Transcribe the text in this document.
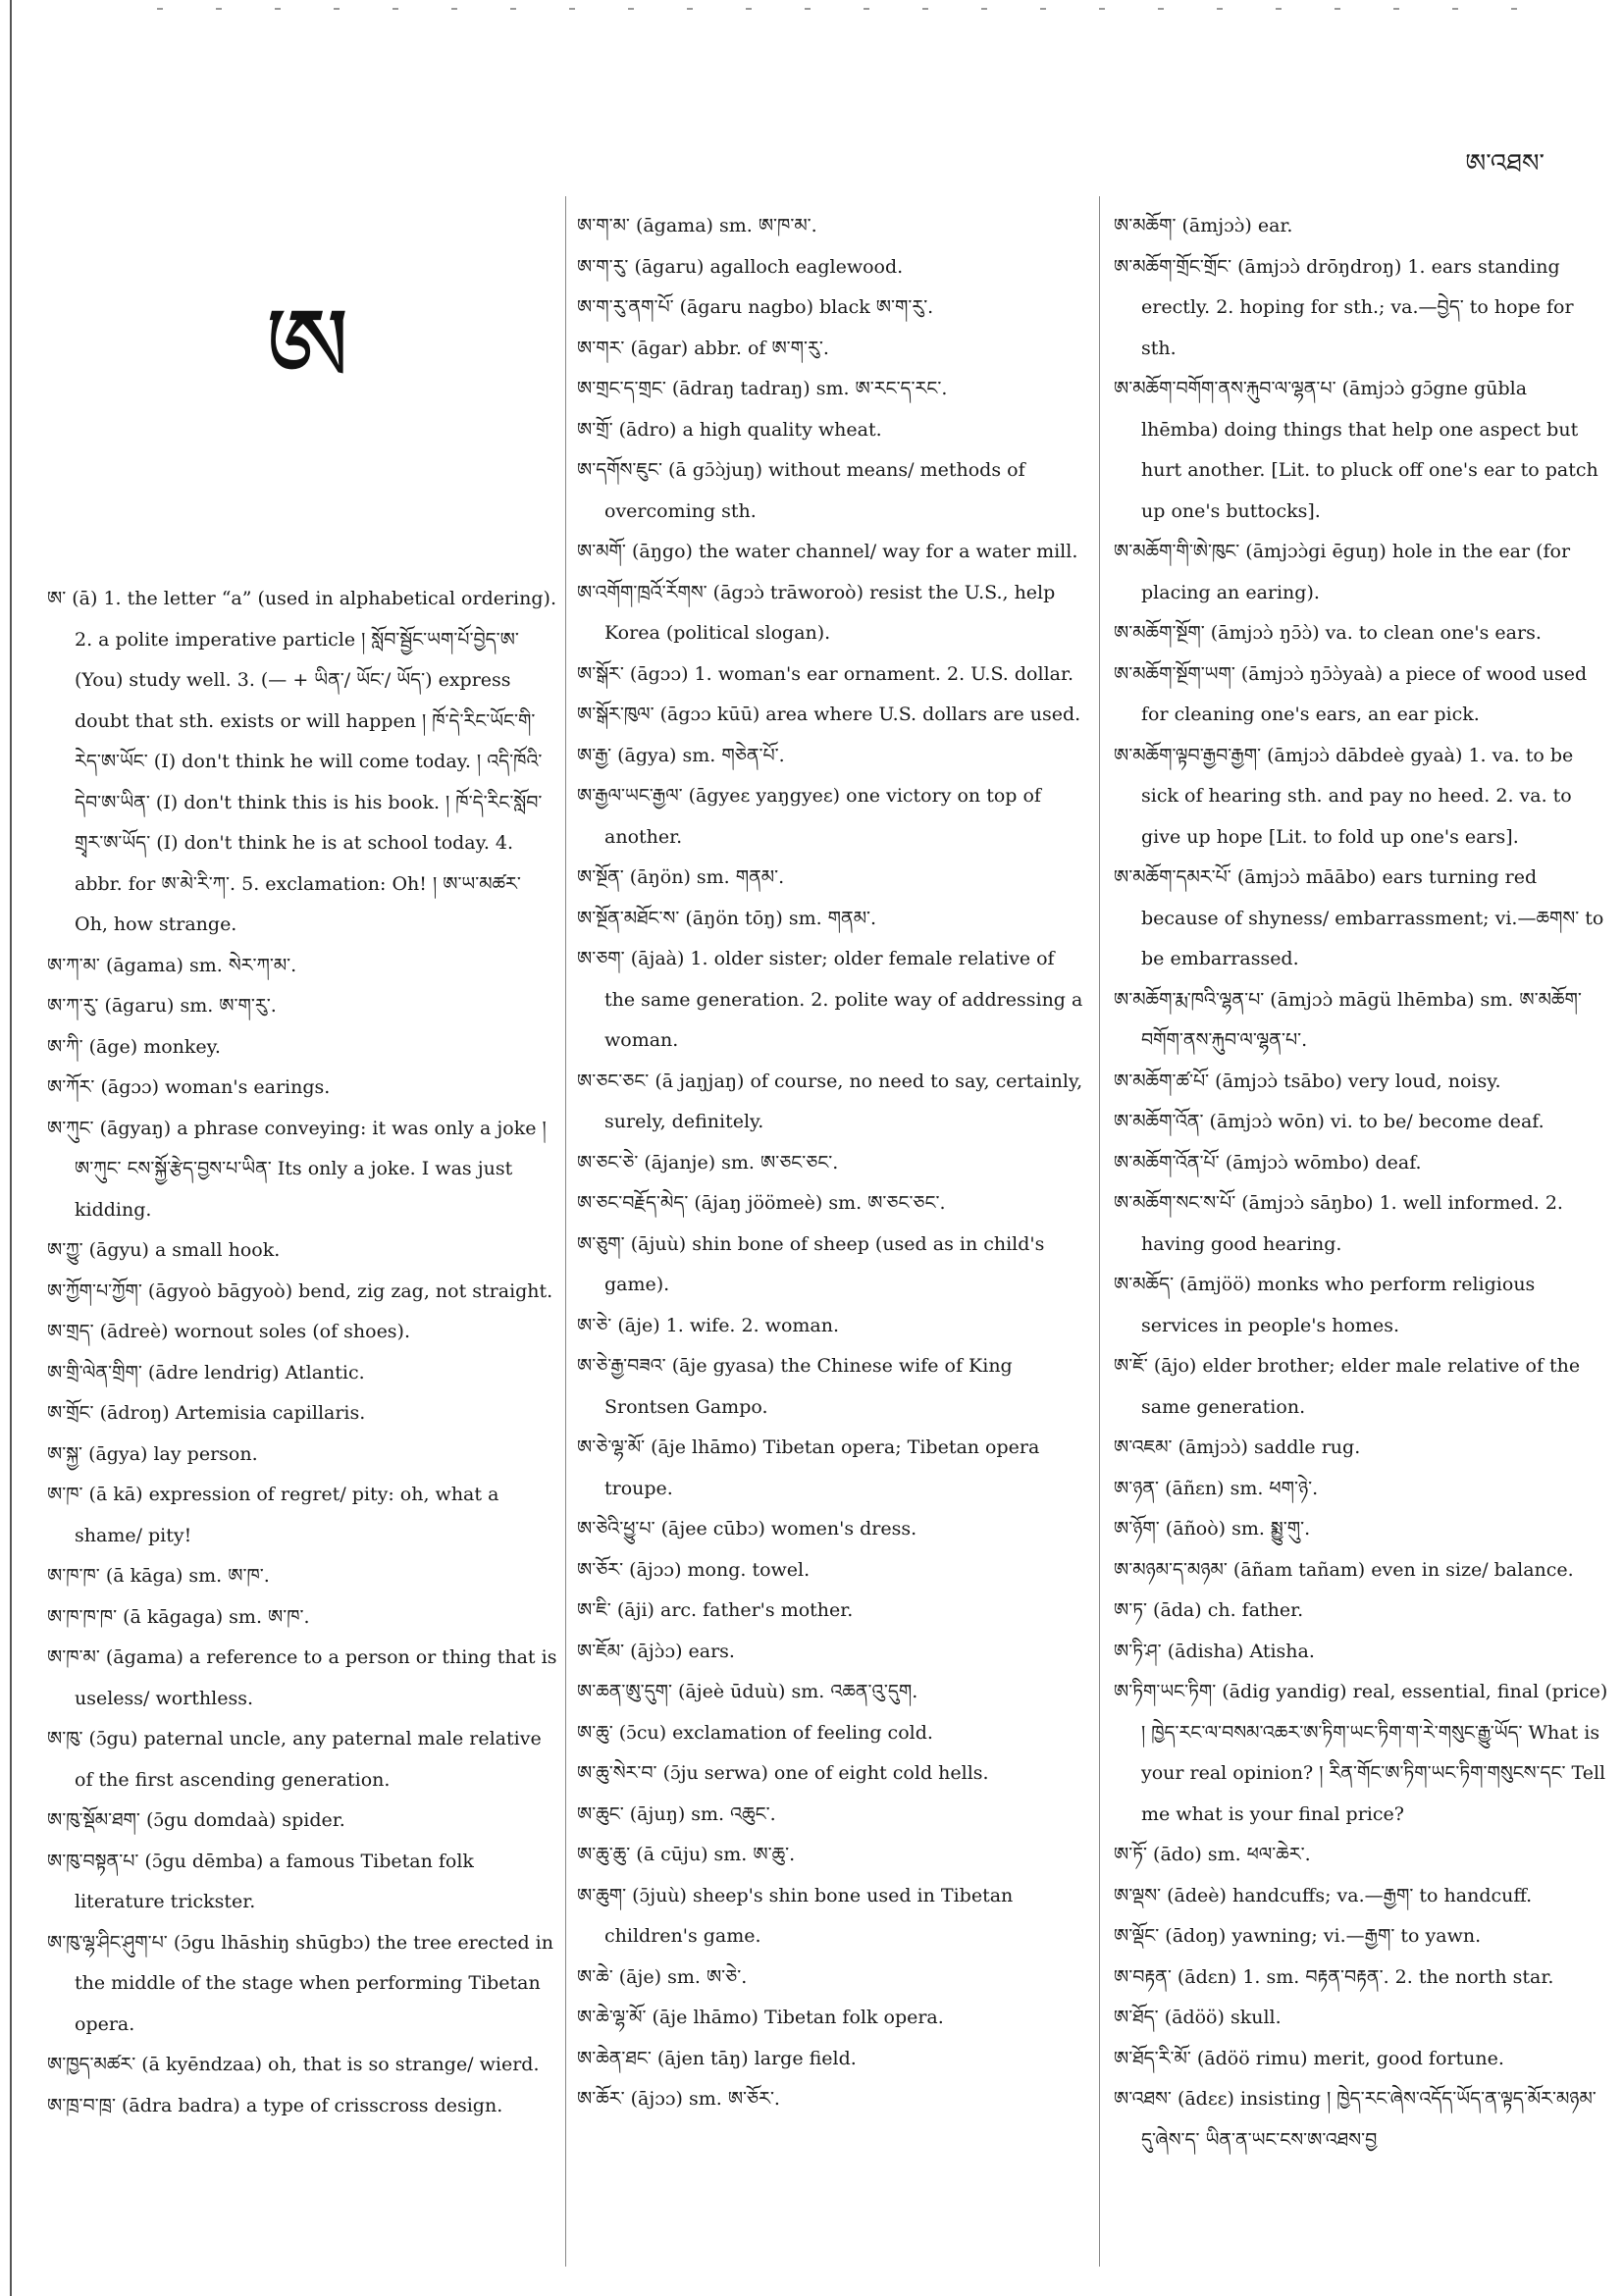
ཨ་འཐས་
ཨ

ཨ་ (ā) 1. the letter “a” (used in alphabetical ordering). 2. a polite imperative particle ། སློབ་སྦྱོང་ཡག་པོ་བྱེད་ཨ་ (You) study well. 3. (— + ཡིན་/ ཡོང་/ ཡོད་) express doubt that sth. exists or will happen ། ཁོ་དེ་རིང་ཡོང་གི་རེད་ཨ་ཡོང་ (I) don't think he will come today. ། འདི་ཁོའི་དེབ་ཨ་ཡིན་ (I) don't think this is his book. ། ཁོ་དེ་རིང་སློབ་གྲྭར་ཨ་ཡོད་ (I) don't think he is at school today. 4. abbr. for ཨ་མེ་རི་ཀ་. 5. exclamation: Oh! ། ཨ་ཡ་མཚར་ Oh, how strange.

ཨ་ཀ་མ་ (āgama) sm. སེར་ཀ་མ་.

ཨ་ཀ་རུ་ (āgaru) sm. ཨ་ག་རུ་.

ཨ་ཀི་ (āge) monkey.

ཨ་ཀོར་ (āgɔɔ) woman's earings.

ཨ་ཀུང་ (āgyaŋ) a phrase conveying: it was only a joke ། ཨ་ཀུང་ ངས་སྐྱོ་རྩེད་བྱས་པ་ཡིན་ Its only a joke. I was just kidding.

ཨ་ཀྱུ་ (āgyu) a small hook.

ཨ་ཀྱོག་པ་ཀྱོག་ (āgyoò bāgyoò) bend, zig zag, not straight.

ཨ་གྲད་ (ādreè) wornout soles (of shoes).

ཨ་གྲི་ལེན་གྲིག་ (ādre lendrig) Atlantic.

ཨ་གྲོང་ (ādroŋ) Artemisia capillaris.

ཨ་སྐྱ་ (āgya) lay person.

ཨ་ཁ་ (ā kā) expression of regret/ pity: oh, what a shame/ pity!

ཨ་ཁ་ཁ་ (ā kāga) sm. ཨ་ཁ་.

ཨ་ཁ་ཁ་ཁ་ (ā kāgaga) sm. ཨ་ཁ་.

ཨ་ཁ་མ་ (āgama) a reference to a person or thing that is useless/ worthless.

ཨ་ཁུ་ (ɔ̄gu) paternal uncle, any paternal male relative of the first ascending generation.

ཨ་ཁུ་སྡོམ་ཐག་ (ɔ̄gu domdaà) spider.

ཨ་ཁུ་བསྟན་པ་ (ɔ̄gu dēmba) a famous Tibetan folk literature trickster.

ཨ་ཁུ་ལྷ་ཤིང་ཤུག་པ་ (ɔ̄gu lhāshiŋ shūgbɔ) the tree erected in the middle of the stage when performing Tibetan opera.

ཨ་ཁྱད་མཚར་ (ā kyēndzaa) oh, that is so strange/ wierd.

ཨ་ཁྲ་བ་ཁྲ་ (ādra badra) a type of crisscross design.

ཨ་ག་མ་ (āgama) sm. ཨ་ཁ་མ་.

ཨ་ག་རུ་ (āgaru) agalloch eaglewood.

ཨ་ག་རུ་ནག་པོ་ (āgaru nagbo) black ཨ་ག་རུ་.

ཨ་གར་ (āgar) abbr. of ཨ་ག་རུ་.

ཨ་གྲང་ད་གྲང་ (ādraŋ tadraŋ) sm. ཨ་རང་ད་རང་.

ཨ་གྲོ་ (ādro) a high quality wheat.

ཨ་དགོས་ཇུང་ (ā gɔ̄ɔ̀juŋ) without means/ methods of overcoming sth.

ཨ་མགོ་ (āŋgo) the water channel/ way for a water mill.

ཨ་འགོག་ཁྲའོ་རོགས་ (āgɔɔ̀ trāworoò) resist the U.S., help Korea (political slogan).

ཨ་སྒོར་ (āgɔɔ) 1. woman's ear ornament. 2. U.S. dollar.

ཨ་སྒོར་ཁུལ་ (āgɔɔ kūū) area where U.S. dollars are used.

ཨ་རྒྱ་ (āgya) sm. གཅེན་པོ་.

ཨ་རྒྱལ་ཡང་རྒྱལ་ (āgyeɛ yaŋgyeɛ) one victory on top of another.

ཨ་སྔོན་ (āŋön) sm. གནམ་.

ཨ་སྔོན་མཐོང་ས་ (āŋön tōŋ) sm. གནམ་.

ཨ་ཅག་ (ājaà) 1. older sister; older female relative of the same generation. 2. polite way of addressing a woman.

ཨ་ཅང་ཅང་ (ā jaŋjaŋ) of course, no need to say, certainly, surely, definitely.

ཨ་ཅང་ཅེ་ (ājanje) sm. ཨ་ཅང་ཅང་.

ཨ་ཅང་བརྗོད་མེད་ (ājaŋ jöömeè) sm. ཨ་ཅང་ཅང་.

ཨ་ཅུག་ (ājuù) shin bone of sheep (used as in child's game).

ཨ་ཅེ་ (āje) 1. wife. 2. woman.

ཨ་ཅེ་རྒྱ་བཟའ་ (āje gyasa) the Chinese wife of King Srontsen Gampo.

ཨ་ཅེ་ལྷ་མོ་ (āje lhāmo) Tibetan opera; Tibetan opera troupe.

ཨ་ཅེའི་ཕྱུ་པ་ (ājee cūbɔ) women's dress.

ཨ་ཅོར་ (ājɔɔ) mong. towel.

ཨ་ཇི་ (āji) arc. father's mother.

ཨ་ཇོམ་ (ājɔ̀ɔ) ears.

ཨ་ཆན་ཨུ་དུག་ (ājeè ūduù) sm. འཆན་འུ་དུག.

ཨ་ཆུ་ (ɔ̄cu) exclamation of feeling cold.

ཨ་ཆུ་སེར་བ་ (ɔ̄ju serwa) one of eight cold hells.

ཨ་ཆུང་ (ājuŋ) sm. འཆུང་.

ཨ་ཆུ་ཆུ་ (ā cūju) sm. ཨ་ཆུ་.

ཨ་ཆུག་ (ɔ̄juù) sheep's shin bone used in Tibetan children's game.

ཨ་ཆེ་ (āje) sm. ཨ་ཅེ་.

ཨ་ཆེ་ལྷ་མོ་ (āje lhāmo) Tibetan folk opera.

ཨ་ཆེན་ཐང་ (ājen tāŋ) large field.

ཨ་ཆོར་ (ājɔɔ) sm. ཨ་ཅོར་.

ཨ་མཆོག་ (āmjɔɔ̀) ear.

ཨ་མཆོག་གྲོང་གྲོང་ (āmjɔɔ̀ drōŋdroŋ) 1. ears standing erectly. 2. hoping for sth.; va.—བྱེད་ to hope for sth.

ཨ་མཆོག་བགོག་ནས་རྐུབ་ལ་ལྷན་པ་ (āmjɔɔ̀ gɔ̄gne gūbla lhēmba) doing things that help one aspect but hurt another. [Lit. to pluck off one's ear to patch up one's buttocks].

ཨ་མཆོག་གི་ཨེ་ཁུང་ (āmjɔɔ̀gi ēguŋ) hole in the ear (for placing an earing).

ཨ་མཆོག་སྔོག་ (āmjɔɔ̀ ŋɔ̄ɔ̀) va. to clean one's ears.

ཨ་མཆོག་སྔོག་ཡག་ (āmjɔɔ̀ ŋɔ̄ɔ̀yaà) a piece of wood used for cleaning one's ears, an ear pick.

ཨ་མཆོག་ལྟབ་རྒྱབ་རྒྱག་ (āmjɔɔ̀ dābdeè gyaà) 1. va. to be sick of hearing sth. and pay no heed. 2. va. to give up hope [Lit. to fold up one's ears].

ཨ་མཆོག་དམར་པོ་ (āmjɔɔ̀ māābo) ears turning red because of shyness/ embarrassment; vi.—ཆགས་ to be embarrassed.

ཨ་མཆོག་རྨ་ཁའི་ལྷན་པ་ (āmjɔɔ̀ māgü lhēmba) sm. ཨ་མཆོག་བགོག་ནས་རྐུབ་ལ་ལྷན་པ་.

ཨ་མཆོག་ཚ་པོ་ (āmjɔɔ̀ tsābo) very loud, noisy.

ཨ་མཆོག་འོན་ (āmjɔɔ̀ wōn) vi. to be/ become deaf.

ཨ་མཆོག་འོན་པོ་ (āmjɔɔ̀ wōmbo) deaf.

ཨ་མཆོག་སང་ས་པོ་ (āmjɔɔ̀ sāŋbo) 1. well informed. 2. having good hearing.

ཨ་མཆོད་ (āmjöö) monks who perform religious services in people's homes.

ཨ་ཇོ་ (ājo) elder brother; elder male relative of the same generation.

ཨ་འཇམ་ (āmjɔɔ̀) saddle rug.

ཨ་ཉན་ (āñɛn) sm. ཕག་ཉེ་.

ཨ་ཉོག་ (āñoò) sm. སྨྱུ་གུ་.

ཨ་མཉམ་ད་མཉམ་ (āñam tañam) even in size/ balance.

ཨ་ཏ་ (āda) ch. father.

ཨ་ཏི་ཤ་ (ādisha) Atisha.

ཨ་ཏིག་ཡང་ཏིག་ (ādig yandig) real, essential, final (price) ། ཁྱེད་རང་ལ་བསམ་འཆར་ཨ་ཏིག་ཡང་ཏིག་ག་རེ་གསུང་རྒྱུ་ཡོད་ What is your real opinion? ། རིན་གོང་ཨ་ཏིག་ཡང་ཏིག་གསུངས་དང་ Tell me what is your final price?

ཨ་ཏོ་ (ādo) sm. ཕལ་ཆེར་.

ཨ་ལྡས་ (ādeè) handcuffs; va.—རྒྱག་ to handcuff.

ཨ་ལྡོང་ (ādoŋ) yawning; vi.—རྒྱག་ to yawn.

ཨ་བརྟན་ (ādɛn) 1. sm. བརྟན་བརྟན་. 2. the north star.

ཨ་ཐོད་ (ādöö) skull.

ཨ་ཐོད་རི་མོ་ (ādöö rimu) merit, good fortune.

ཨ་འཐས་ (ādɛɛ) insisting ། ཁྱེད་རང་ཞེས་འདོད་ཡོད་ན་ལྟད་མོར་མཉམ་དུ་ཞེས་ད་ ཡིན་ན་ཡང་ངས་ཨ་འཐས་བྱ
